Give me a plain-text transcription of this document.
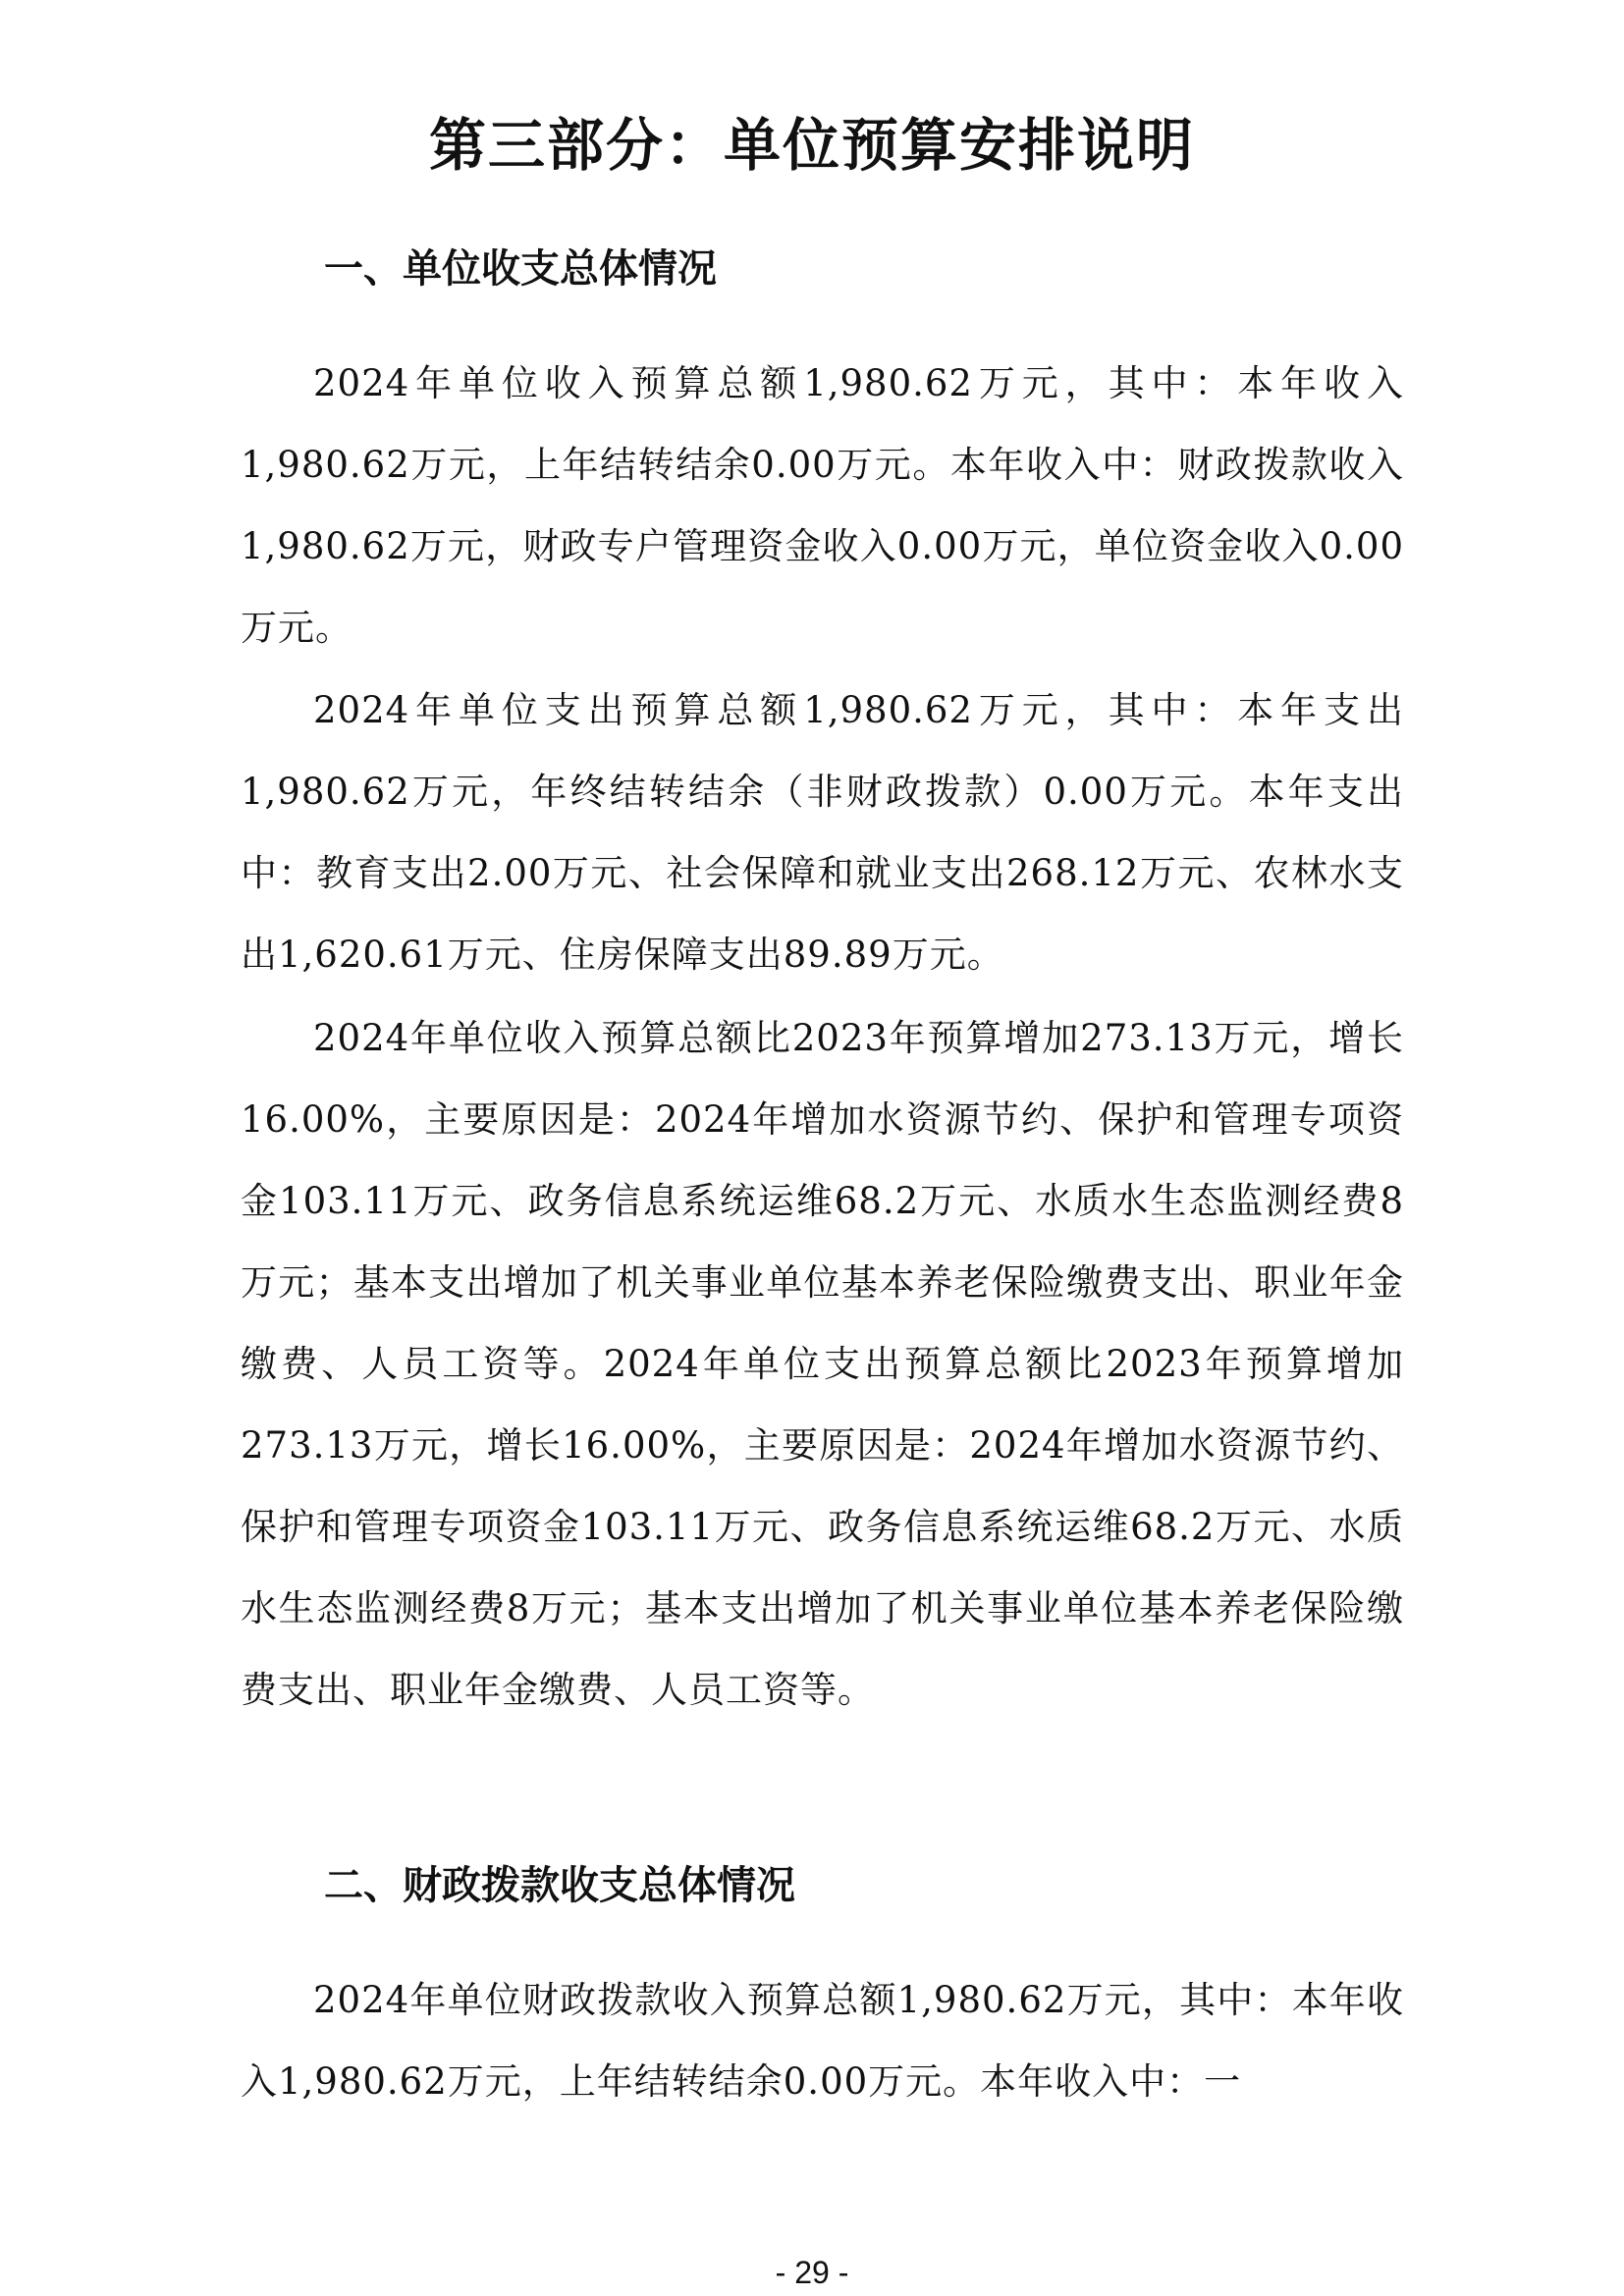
第三部分：单位预算安排说明
一、单位收支总体情况

2024年单位收入预算总额1,980.62万元，其中：本年收入1,980.62万元，上年结转结余0.00万元。本年收入中：财政拨款收入1,980.62万元，财政专户管理资金收入0.00万元，单位资金收入0.00万元。

2024年单位支出预算总额1,980.62万元，其中：本年支出1,980.62万元，年终结转结余（非财政拨款）0.00万元。本年支出中：教育支出2.00万元、社会保障和就业支出268.12万元、农林水支出1,620.61万元、住房保障支出89.89万元。

2024年单位收入预算总额比2023年预算增加273.13万元，增长16.00%，主要原因是：2024年增加水资源节约、保护和管理专项资金103.11万元、政务信息系统运维68.2万元、水质水生态监测经费8万元；基本支出增加了机关事业单位基本养老保险缴费支出、职业年金缴费、人员工资等。2024年单位支出预算总额比2023年预算增加273.13万元，增长16.00%，主要原因是：2024年增加水资源节约、保护和管理专项资金103.11万元、政务信息系统运维68.2万元、水质水生态监测经费8万元；基本支出增加了机关事业单位基本养老保险缴费支出、职业年金缴费、人员工资等。

二、财政拨款收支总体情况

2024年单位财政拨款收入预算总额1,980.62万元，其中：本年收入1,980.62万元，上年结转结余0.00万元。本年收入中：一

- 29 -
